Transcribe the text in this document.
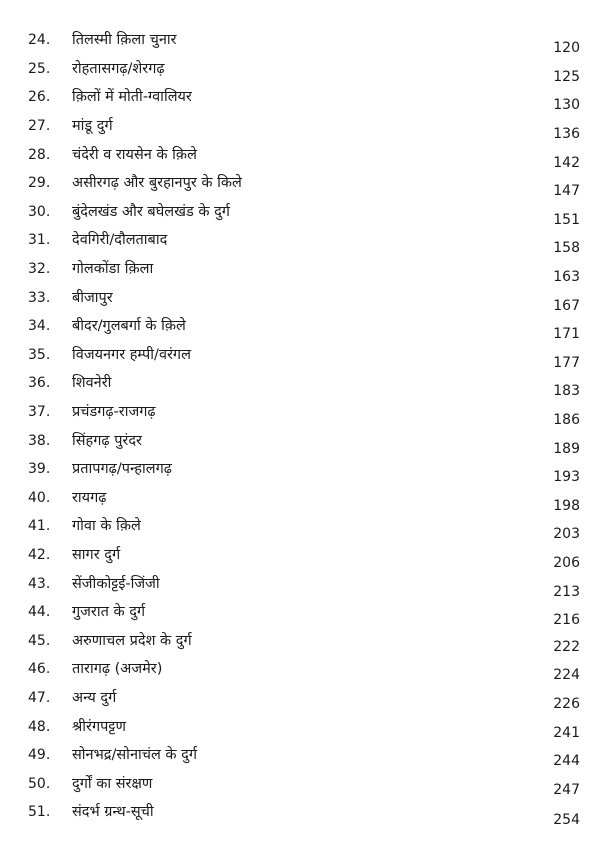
24. तिलस्मी क़िला चुनार	120
25. रोहतासगढ़/शेरगढ़	125
26. क़िलों में मोती-ग्वालियर	130
27. मांडू दुर्ग	136
28. चंदेरी व रायसेन के क़िले	142
29. असीरगढ़ और बुरहानपुर के किले	147
30. बुंदेलखंड और बघेलखंड के दुर्ग	151
31. देवगिरी/दौलताबाद	158
32. गोलकोंडा क़िला	163
33. बीजापुर	167
34. बीदर/गुलबर्गा के क़िले	171
35. विजयनगर हम्पी/वरंगल	177
36. शिवनेरी	183
37. प्रचंडगढ़-राजगढ़	186
38. सिंहगढ़ पुरंदर	189
39. प्रतापगढ़/पन्हालगढ़	193
40. रायगढ़	198
41. गोवा के क़िले	203
42. सागर दुर्ग	206
43. सेंजीकोट्टई-जिंजी	213
44. गुजरात के दुर्ग	216
45. अरुणाचल प्रदेश के दुर्ग	222
46. तारागढ़ (अजमेर)	224
47. अन्य दुर्ग	226
48. श्रीरंगपट्टण	241
49. सोनभद्र/सोनाचंल के दुर्ग	244
50. दुर्गों का संरक्षण	247
51. संदर्भ ग्रन्थ-सूची	254
